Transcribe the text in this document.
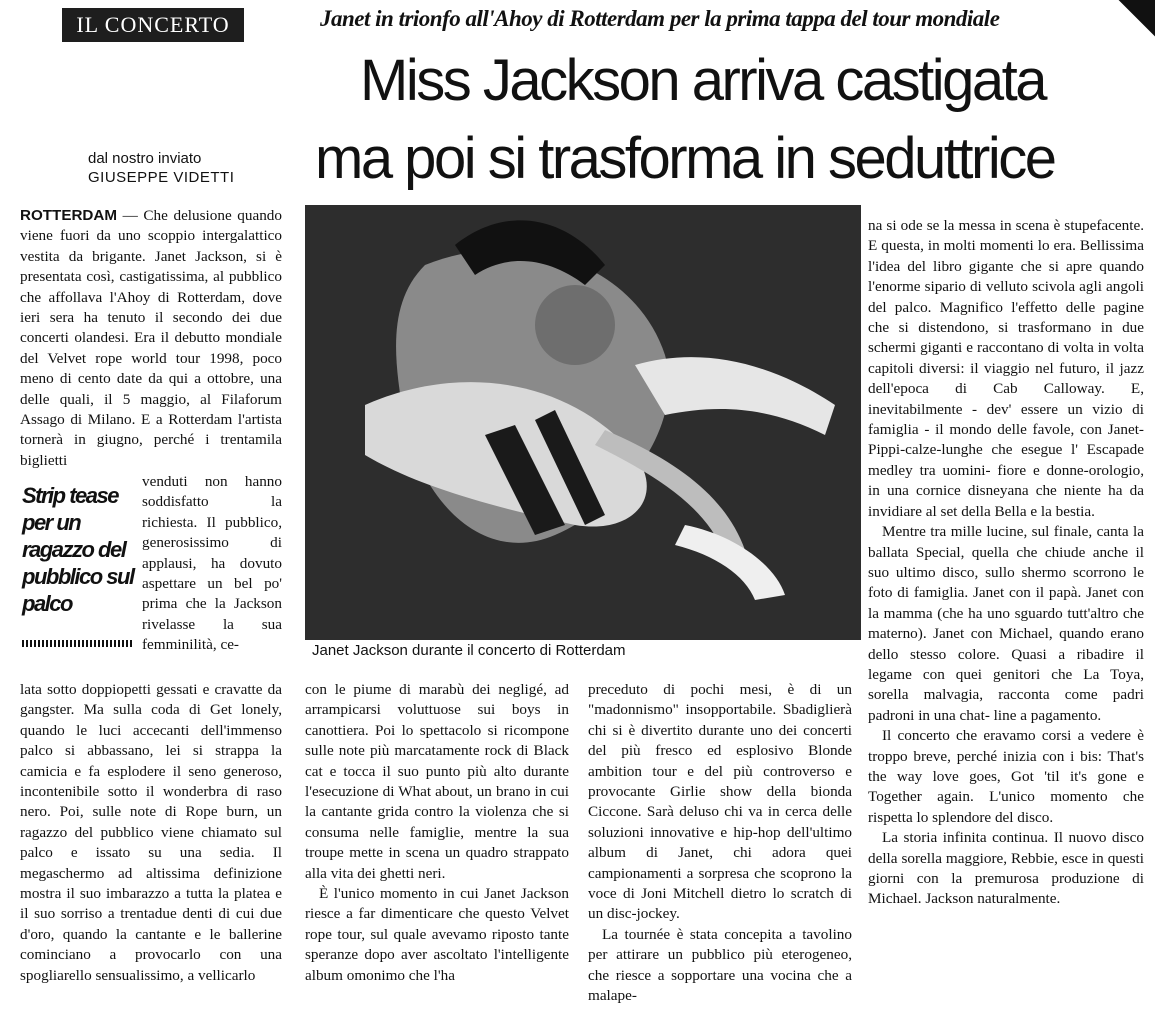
IL CONCERTO	Janet in trionfo all'Ahoy di Rotterdam per la prima tappa del tour mondiale
Miss Jackson arriva castigata
ma poi si trasforma in seduttrice
dal nostro inviato
GIUSEPPE VIDETTI

ROTTERDAM — Che delusione quando viene fuori da uno scoppio intergalattico vestita da brigante. Janet Jackson, si è presentata così, castigatissima, al pubblico che affollava l'Ahoy di Rotterdam, dove ieri sera ha tenuto il secondo dei due concerti olandesi. Era il debutto mondiale del Velvet rope world tour 1998, poco meno di cento date da qui a ottobre, una delle quali, il 5 maggio, al Filaforum Assago di Milano. E a Rotterdam l'artista tornerà in giugno, perché i trentamila biglietti

Strip tease per un ragazzo del pubblico sul palco

venduti non hanno soddisfatto la richiesta. Il pubblico, generosissimo di applausi, ha dovuto aspettare un bel po' prima che la Jackson rivelasse la sua femminilità, ce-

lata sotto doppiopetti gessati e cravatte da gangster. Ma sulla coda di Get lonely, quando le luci accecanti dell'immenso palco si abbassano, lei si strappa la camicia e fa esplodere il seno generoso, incontenibile sotto il wonderbra di raso nero. Poi, sulle note di Rope burn, un ragazzo del pubblico viene chiamato sul palco e issato su una sedia. Il megaschermo ad altissima definizione mostra il suo imbarazzo a tutta la platea e il suo sorriso a trentadue denti di cui due d'oro, quando la cantante e le ballerine cominciano a provocarlo con una spogliarello sensualissimo, a vellicarlo

Janet Jackson durante il concerto di Rotterdam

con le piume di marabù dei negligé, ad arrampicarsi voluttuose sui boys in canottiera. Poi lo spettacolo si ricompone sulle note più marcatamente rock di Black cat e tocca il suo punto più alto durante l'esecuzione di What about, un brano in cui la cantante grida contro la violenza che si consuma nelle famiglie, mentre la sua troupe mette in scena un quadro strappato alla vita dei ghetti neri.

È l'unico momento in cui Janet Jackson riesce a far dimenticare che questo Velvet rope tour, sul quale avevamo riposto tante speranze dopo aver ascoltato l'intelligente album omonimo che l'ha

preceduto di pochi mesi, è di un "madonnismo" insopportabile. Sbadiglierà chi si è divertito durante uno dei concerti del più fresco ed esplosivo Blonde ambition tour e del più controverso e provocante Girlie show della bionda Ciccone. Sarà deluso chi va in cerca delle soluzioni innovative e hip-hop dell'ultimo album di Janet, chi adora quei campionamenti a sorpresa che scoprono la voce di Joni Mitchell dietro lo scratch di un disc-jockey.

La tournée è stata concepita a tavolino per attirare un pubblico più eterogeneo, che riesce a sopportare una vocina che a malape-

na si ode se la messa in scena è stupefacente. E questa, in molti momenti lo era. Bellissima l'idea del libro gigante che si apre quando l'enorme sipario di velluto scivola agli angoli del palco. Magnifico l'effetto delle pagine che si distendono, si trasformano in due schermi giganti e raccontano di volta in volta capitoli diversi: il viaggio nel futuro, il jazz dell'epoca di Cab Calloway. E, inevitabilmente - dev' essere un vizio di famiglia - il mondo delle favole, con Janet- Pippi-calze-lunghe che esegue l' Escapade medley tra uomini- fiore e donne-orologio, in una cornice disneyana che niente ha da invidiare al set della Bella e la bestia.

Mentre tra mille lucine, sul finale, canta la ballata Special, quella che chiude anche il suo ultimo disco, sullo shermo scorrono le foto di famiglia. Janet con il papà. Janet con la mamma (che ha uno sguardo tutt'altro che materno). Janet con Michael, quando erano dello stesso colore. Quasi a ribadire il legame con quei genitori che La Toya, sorella malvagia, racconta come padri padroni in una chat- line a pagamento.

Il concerto che eravamo corsi a vedere è troppo breve, perché inizia con i bis: That's the way love goes, Got 'til it's gone e Together again. L'unico momento che rispetta lo splendore del disco.

La storia infinita continua. Il nuovo disco della sorella maggiore, Rebbie, esce in questi giorni con la premurosa produzione di Michael. Jackson naturalmente.
